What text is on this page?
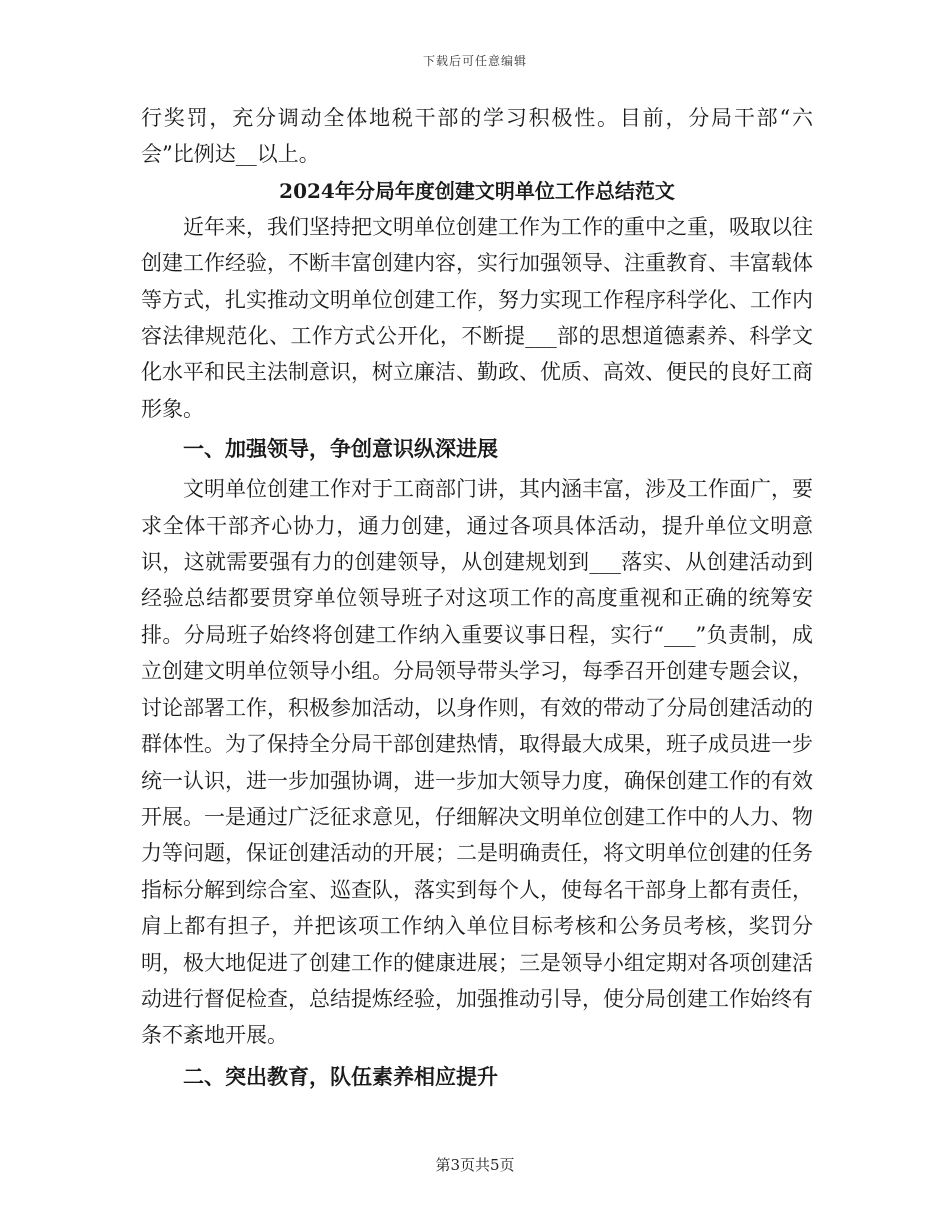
下载后可任意编辑

行奖罚，充分调动全体地税干部的学习积极性。目前，分局干部“六会”比例达__以上。

2024年分局年度创建文明单位工作总结范文

近年来，我们坚持把文明单位创建工作为工作的重中之重，吸取以往创建工作经验，不断丰富创建内容，实行加强领导、注重教育、丰富载体等方式，扎实推动文明单位创建工作，努力实现工作程序科学化、工作内容法律规范化、工作方式公开化，不断提___部的思想道德素养、科学文化水平和民主法制意识，树立廉洁、勤政、优质、高效、便民的良好工商形象。

一、加强领导，争创意识纵深进展

文明单位创建工作对于工商部门讲，其内涵丰富，涉及工作面广，要求全体干部齐心协力，通力创建，通过各项具体活动，提升单位文明意识，这就需要强有力的创建领导，从创建规划到___落实、从创建活动到经验总结都要贯穿单位领导班子对这项工作的高度重视和正确的统筹安排。分局班子始终将创建工作纳入重要议事日程，实行“___”负责制，成立创建文明单位领导小组。分局领导带头学习，每季召开创建专题会议，讨论部署工作，积极参加活动，以身作则，有效的带动了分局创建活动的群体性。为了保持全分局干部创建热情，取得最大成果，班子成员进一步统一认识，进一步加强协调，进一步加大领导力度，确保创建工作的有效开展。一是通过广泛征求意见，仔细解决文明单位创建工作中的人力、物力等问题，保证创建活动的开展；二是明确责任，将文明单位创建的任务指标分解到综合室、巡查队，落实到每个人，使每名干部身上都有责任，肩上都有担子，并把该项工作纳入单位目标考核和公务员考核，奖罚分明，极大地促进了创建工作的健康进展；三是领导小组定期对各项创建活动进行督促检查，总结提炼经验，加强推动引导，使分局创建工作始终有条不紊地开展。

二、突出教育，队伍素养相应提升

第3页共5页
